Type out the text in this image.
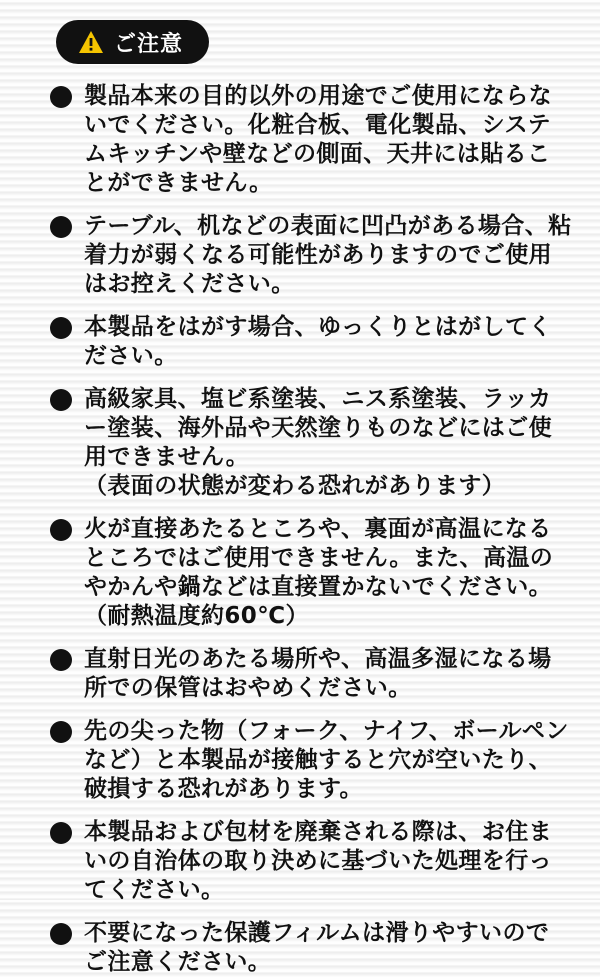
ご注意
製品本来の目的以外の用途でご使用にならないでください。化粧合板、電化製品、システムキッチンや壁などの側面、天井には貼ることができません。
テーブル、机などの表面に凹凸がある場合、粘着力が弱くなる可能性がありますのでご使用はお控えください。
本製品をはがす場合、ゆっくりとはがしてください。
高級家具、塩ビ系塗装、ニス系塗装、ラッカー塗装、海外品や天然塗りものなどにはご使用できません。
（表面の状態が変わる恐れがあります）
火が直接あたるところや、裏面が高温になるところではご使用できません。また、高温のやかんや鍋などは直接置かないでください。
（耐熱温度約60℃）
直射日光のあたる場所や、高温多湿になる場所での保管はおやめください。
先の尖った物（フォーク、ナイフ、ボールペンなど）と本製品が接触すると穴が空いたり、破損する恐れがあります。
本製品および包材を廃棄される際は、お住まいの自治体の取り決めに基づいた処理を行ってください。
不要になった保護フィルムは滑りやすいのでご注意ください。
